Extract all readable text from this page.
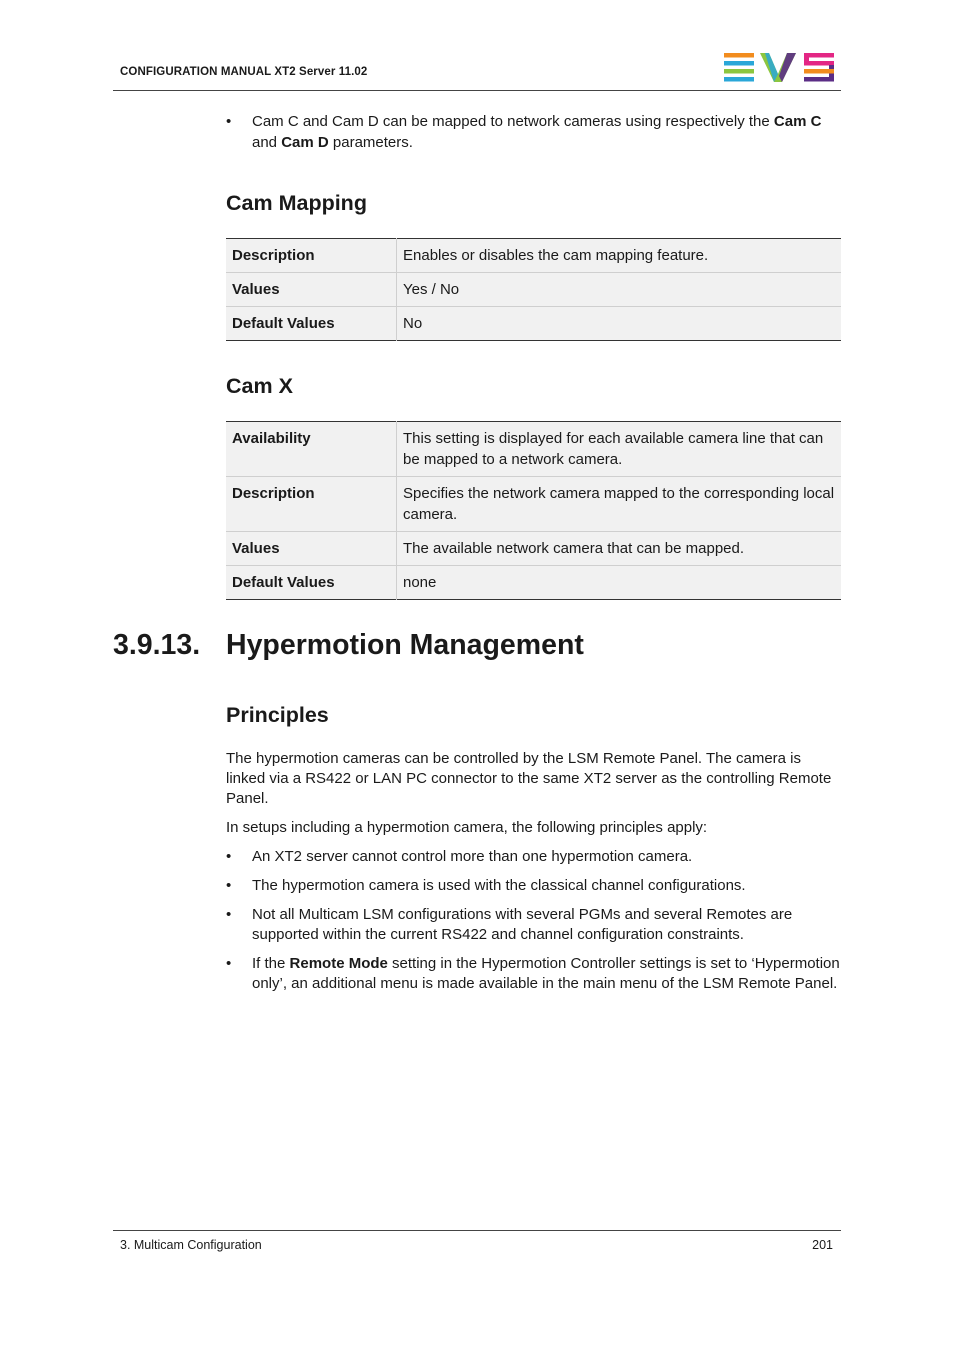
CONFIGURATION MANUAL XT2 Server 11.02
• Cam C and Cam D can be mapped to network cameras using respectively the Cam C and Cam D parameters.
Cam Mapping
Description	Enables or disables the cam mapping feature.
Values	Yes / No
Default Values	No
Cam X
Availability	This setting is displayed for each available camera line that can be mapped to a network camera.
Description	Specifies the network camera mapped to the corresponding local camera.
Values	The available network camera that can be mapped.
Default Values	none
3.9.13. Hypermotion Management
Principles

The hypermotion cameras can be controlled by the LSM Remote Panel. The camera is linked via a RS422 or LAN PC connector to the same XT2 server as the controlling Remote Panel.

In setups including a hypermotion camera, the following principles apply:

• An XT2 server cannot control more than one hypermotion camera.
• The hypermotion camera is used with the classical channel configurations.
• Not all Multicam LSM configurations with several PGMs and several Remotes are supported within the current RS422 and channel configuration constraints.
• If the Remote Mode setting in the Hypermotion Controller settings is set to ‘Hypermotion only’, an additional menu is made available in the main menu of the LSM Remote Panel.
3. Multicam Configuration	201
